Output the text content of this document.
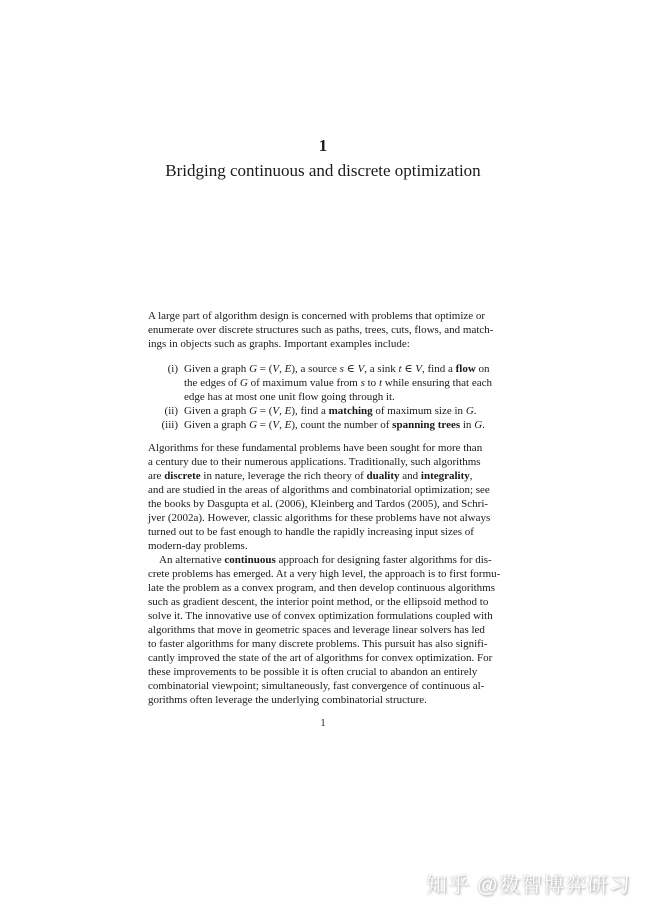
1
Bridging continuous and discrete optimization
A large part of algorithm design is concerned with problems that optimize or
enumerate over discrete structures such as paths, trees, cuts, flows, and match-
ings in objects such as graphs. Important examples include:
(i) Given a graph G = (V, E), a source s ∈ V, a sink t ∈ V, find a flow on
the edges of G of maximum value from s to t while ensuring that each
edge has at most one unit flow going through it.
(ii) Given a graph G = (V, E), find a matching of maximum size in G.
(iii) Given a graph G = (V, E), count the number of spanning trees in G.
Algorithms for these fundamental problems have been sought for more than
a century due to their numerous applications. Traditionally, such algorithms
are discrete in nature, leverage the rich theory of duality and integrality,
and are studied in the areas of algorithms and combinatorial optimization; see
the books by Dasgupta et al. (2006), Kleinberg and Tardos (2005), and Schri-
jver (2002a). However, classic algorithms for these problems have not always
turned out to be fast enough to handle the rapidly increasing input sizes of
modern-day problems.
An alternative continuous approach for designing faster algorithms for dis-
crete problems has emerged. At a very high level, the approach is to first formu-
late the problem as a convex program, and then develop continuous algorithms
such as gradient descent, the interior point method, or the ellipsoid method to
solve it. The innovative use of convex optimization formulations coupled with
algorithms that move in geometric spaces and leverage linear solvers has led
to faster algorithms for many discrete problems. This pursuit has also signifi-
cantly improved the state of the art of algorithms for convex optimization. For
these improvements to be possible it is often crucial to abandon an entirely
combinatorial viewpoint; simultaneously, fast convergence of continuous al-
gorithms often leverage the underlying combinatorial structure.
1
知乎 @数智博弈研习
